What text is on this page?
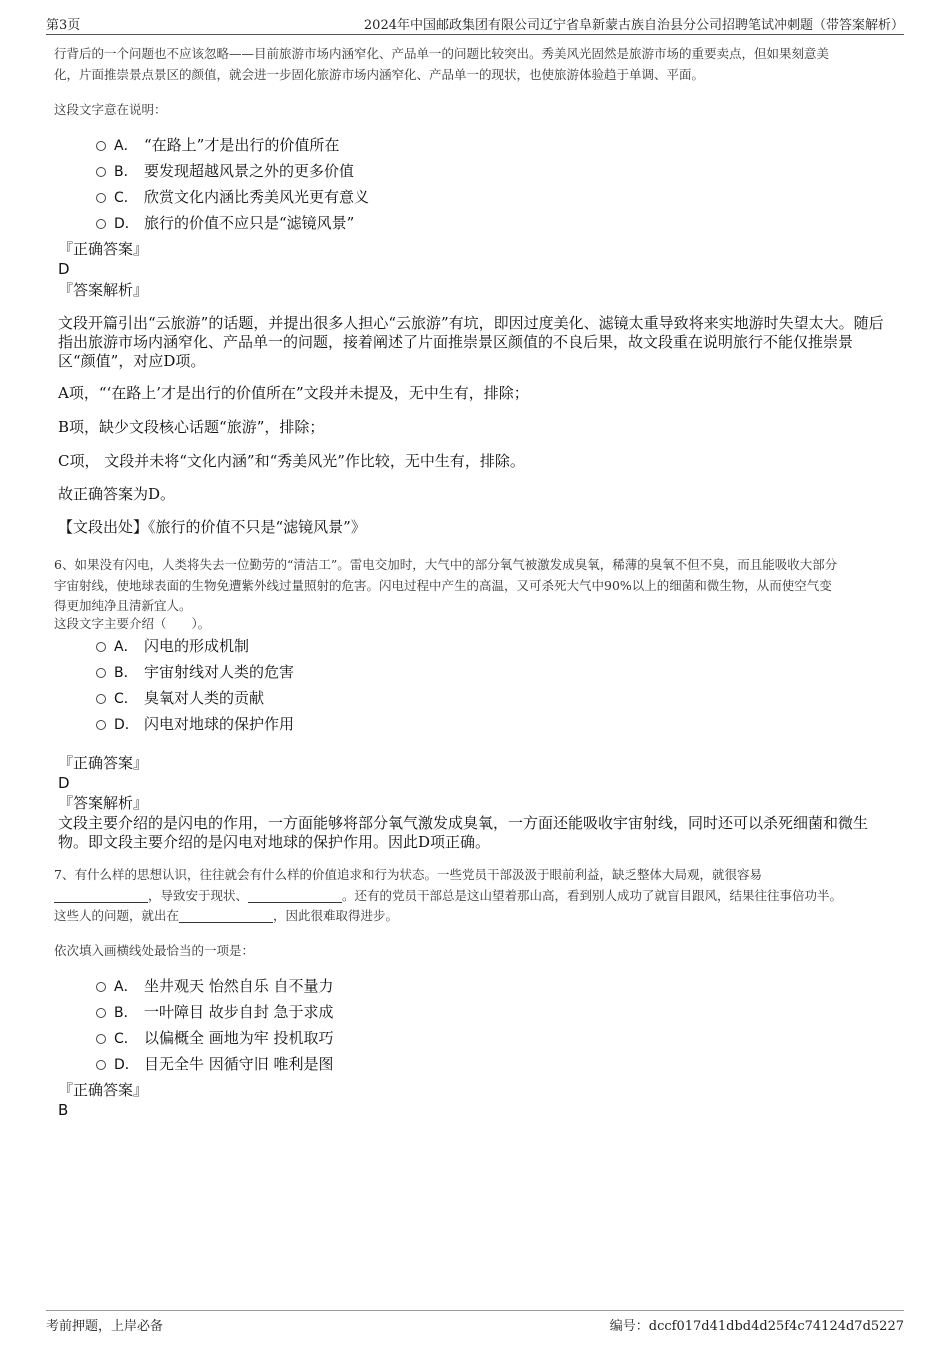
第3页	2024年中国邮政集团有限公司辽宁省阜新蒙古族自治县分公司招聘笔试冲刺题（带答案解析）
行背后的一个问题也不应该忽略——目前旅游市场内涵窄化、产品单一的问题比较突出。秀美风光固然是旅游市场的重要卖点，但如果刻意美
化，片面推崇景点景区的颜值，就会进一步固化旅游市场内涵窄化、产品单一的现状，也使旅游体验趋于单调、平面。
这段文字意在说明：
A． “在路上”才是出行的价值所在
B． 要发现超越风景之外的更多价值
C． 欣赏文化内涵比秀美风光更有意义
D． 旅行的价值不应只是“滤镜风景”
『正确答案』
D
『答案解析』
文段开篇引出“云旅游”的话题，并提出很多人担心“云旅游”有坑，即因过度美化、滤镜太重导致将来实地游时失望太大。随后
指出旅游市场内涵窄化、产品单一的问题，接着阐述了片面推崇景区颜值的不良后果，故文段重在说明旅行不能仅推崇景
区“颜值”，对应D项。
A项，“‘在路上’才是出行的价值所在”文段并未提及，无中生有，排除；
B项，缺少文段核心话题“旅游”，排除；
C项， 文段并未将“文化内涵”和“秀美风光”作比较，无中生有，排除。
故正确答案为D。
【文段出处】《旅行的价值不只是“滤镜风景”》
6、如果没有闪电，人类将失去一位勤劳的“清洁工”。雷电交加时，大气中的部分氧气被激发成臭氧，稀薄的臭氧不但不臭，而且能吸收大部分
宇宙射线，使地球表面的生物免遭紫外线过量照射的危害。闪电过程中产生的高温，又可杀死大气中90%以上的细菌和微生物，从而使空气变
得更加纯净且清新宜人。
这段文字主要介绍（　　）。
A． 闪电的形成机制
B． 宇宙射线对人类的危害
C． 臭氧对人类的贡献
D． 闪电对地球的保护作用
『正确答案』
D
『答案解析』
文段主要介绍的是闪电的作用，一方面能够将部分氧气激发成臭氧，一方面还能吸收宇宙射线，同时还可以杀死细菌和微生
物。即文段主要介绍的是闪电对地球的保护作用。因此D项正确。
7、有什么样的思想认识，往往就会有什么样的价值追求和行为状态。一些党员干部汲汲于眼前利益，缺乏整体大局观，就很容易
，导致安于现状、	。还有的党员干部总是这山望着那山高，看到别人成功了就盲目跟风，结果往往事倍功半。
这些人的问题，就出在	，因此很难取得进步。
依次填入画横线处最恰当的一项是：
A． 坐井观天 怡然自乐 自不量力
B． 一叶障目 故步自封 急于求成
C． 以偏概全 画地为牢 投机取巧
D． 目无全牛 因循守旧 唯利是图
『正确答案』
B
考前押题，上岸必备	编号：dccf017d41dbd4d25f4c74124d7d5227
